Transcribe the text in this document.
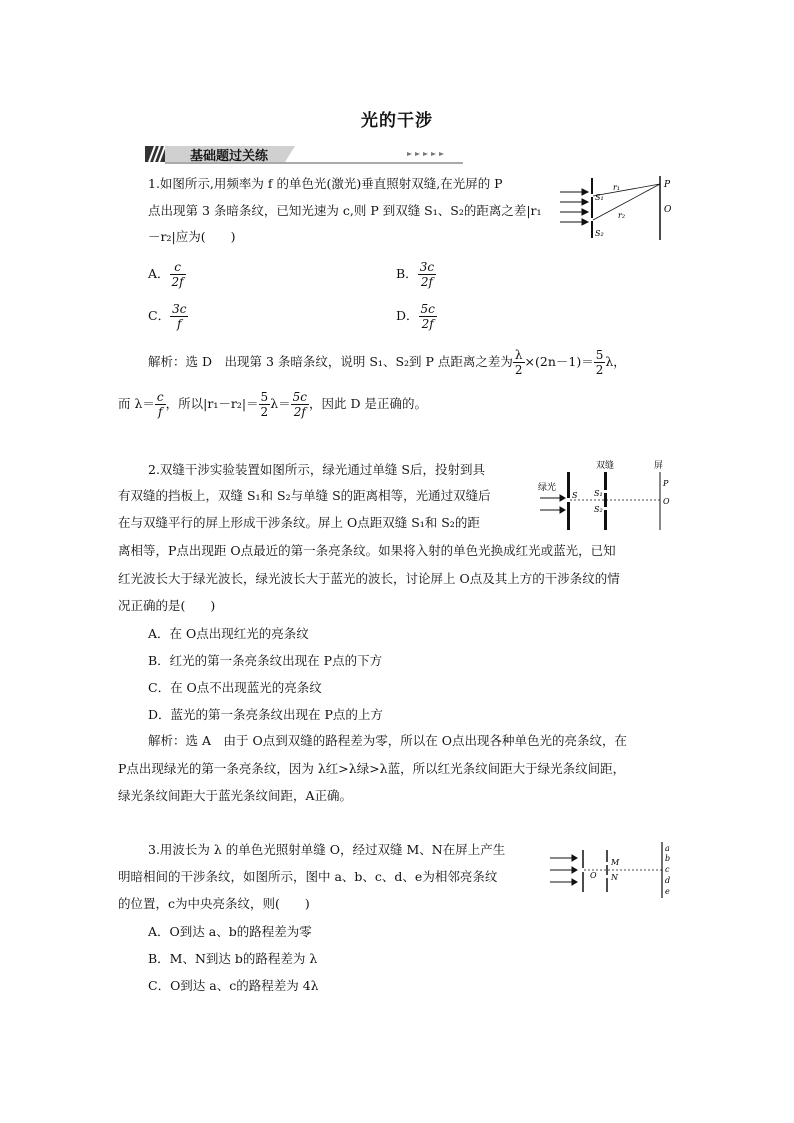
光的干涉
基础题过关练
1.如图所示,用频率为 f 的单色光(激光)垂直照射双缝,在光屏的 P
点出现第 3 条暗条纹，已知光速为 c,则 P 到双缝 S₁、S₂的距离之差|r₁
－r₂|应为(　　)
S₁
S₂
r₁
r₂
P
O
A． $\frac{c}{2f}$	B． $\frac{3c}{2f}$
C． $\frac{3c}{f}$	D． $\frac{5c}{2f}$
解析：选 D　出现第 3 条暗条纹，说明 S₁、S₂到 P 点距离之差为 $\frac{\lambda}{2} \times(2n-1)= \frac{5}{2}$ λ，
而 $\lambda= \frac{c}{f}$ ，所以$|r_1-r_2|= \frac{5}{2} \lambda= \frac{5c}{2f}$ ，因此 D 是正确的。
2.双缝干涉实验装置如图所示，绿光通过单缝 S后，投射到具
有双缝的挡板上，双缝 S₁和 S₂与单缝 S的距离相等，光通过双缝后
在与双缝平行的屏上形成干涉条纹。屏上 O点距双缝 S₁和 S₂的距
离相等，P点出现距 O点最近的第一条亮条纹。如果将入射的单色光换成红光或蓝光，已知
红光波长大于绿光波长，绿光波长大于蓝光的波长，讨论屏上 O点及其上方的干涉条纹的情
况正确的是(　　)
绿光
双缝	屏
S S₁
S₂
P
O
A．在 O点出现红光的亮条纹
B．红光的第一条亮条纹出现在 P点的下方
C．在 O点不出现蓝光的亮条纹
D．蓝光的第一条亮条纹出现在 P点的上方
解析：选 A　由于 O点到双缝的路程差为零，所以在 O点出现各种单色光的亮条纹，在
P点出现绿光的第一条亮条纹，因为 λ红>λ绿>λ蓝，所以红光条纹间距大于绿光条纹间距，
绿光条纹间距大于蓝光条纹间距，A正确。
3.用波长为 λ 的单色光照射单缝 O，经过双缝 M、N在屏上产生
明暗相间的干涉条纹，如图所示，图中 a、b、c、d、e为相邻亮条纹
的位置，c为中央亮条纹，则(　　)
O
M
N
a
b
c
d
e
A．O到达 a、b的路程差为零
B．M、N到达 b的路程差为 λ
C．O到达 a、c的路程差为 4λ
